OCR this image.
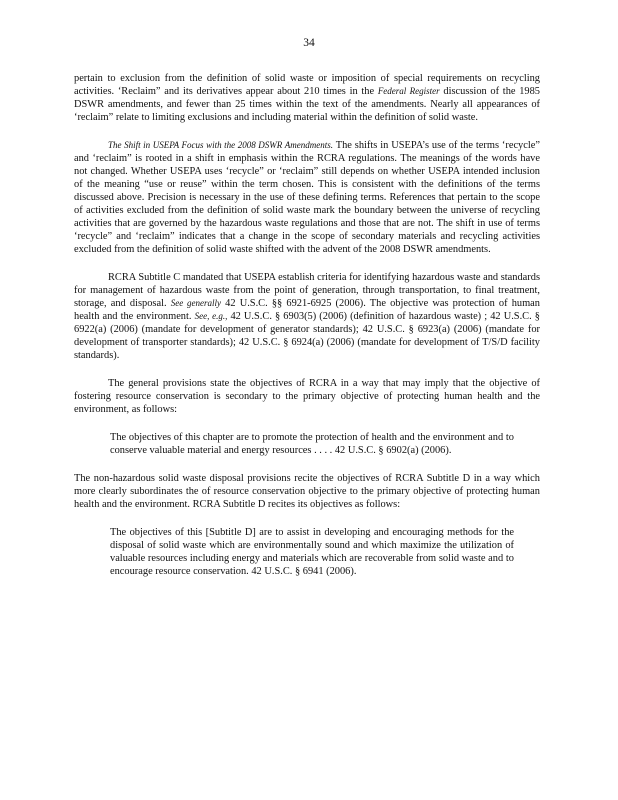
34

pertain to exclusion from the definition of solid waste or imposition of special requirements on recycling activities. ‘Reclaim” and its derivatives appear about 210 times in the Federal Register discussion of the 1985 DSWR amendments, and fewer than 25 times within the text of the amendments. Nearly all appearances of ‘reclaim” relate to limiting exclusions and including material within the definition of solid waste.

The Shift in USEPA Focus with the 2008 DSWR Amendments. The shifts in USEPA’s use of the terms ‘recycle” and ‘reclaim” is rooted in a shift in emphasis within the RCRA regulations. The meanings of the words have not changed. Whether USEPA uses ‘recycle” or ‘reclaim” still depends on whether USEPA intended inclusion of the meaning “use or reuse” within the term chosen. This is consistent with the definitions of the terms discussed above. Precision is necessary in the use of these defining terms. References that pertain to the scope of activities excluded from the definition of solid waste mark the boundary between the universe of recycling activities that are governed by the hazardous waste regulations and those that are not. The shift in use of terms ‘recycle” and ‘reclaim” indicates that a change in the scope of secondary materials and recycling activities excluded from the definition of solid waste shifted with the advent of the 2008 DSWR amendments.

RCRA Subtitle C mandated that USEPA establish criteria for identifying hazardous waste and standards for management of hazardous waste from the point of generation, through transportation, to final treatment, storage, and disposal. See generally 42 U.S.C. §§ 6921-6925 (2006). The objective was protection of human health and the environment. See, e.g., 42 U.S.C. § 6903(5) (2006) (definition of hazardous waste) ; 42 U.S.C. § 6922(a) (2006) (mandate for development of generator standards); 42 U.S.C. § 6923(a) (2006) (mandate for development of transporter standards); 42 U.S.C. § 6924(a) (2006) (mandate for development of T/S/D facility standards).

The general provisions state the objectives of RCRA in a way that may imply that the objective of fostering resource conservation is secondary to the primary objective of protecting human health and the environment, as follows:

The objectives of this chapter are to promote the protection of health and the environment and to conserve valuable material and energy resources . . . . 42 U.S.C. § 6902(a) (2006).

The non-hazardous solid waste disposal provisions recite the objectives of RCRA Subtitle D in a way which more clearly subordinates the of resource conservation objective to the primary objective of protecting human health and the environment. RCRA Subtitle D recites its objectives as follows:

The objectives of this [Subtitle D] are to assist in developing and encouraging methods for the disposal of solid waste which are environmentally sound and which maximize the utilization of valuable resources including energy and materials which are recoverable from solid waste and to encourage resource conservation. 42 U.S.C. § 6941 (2006).
